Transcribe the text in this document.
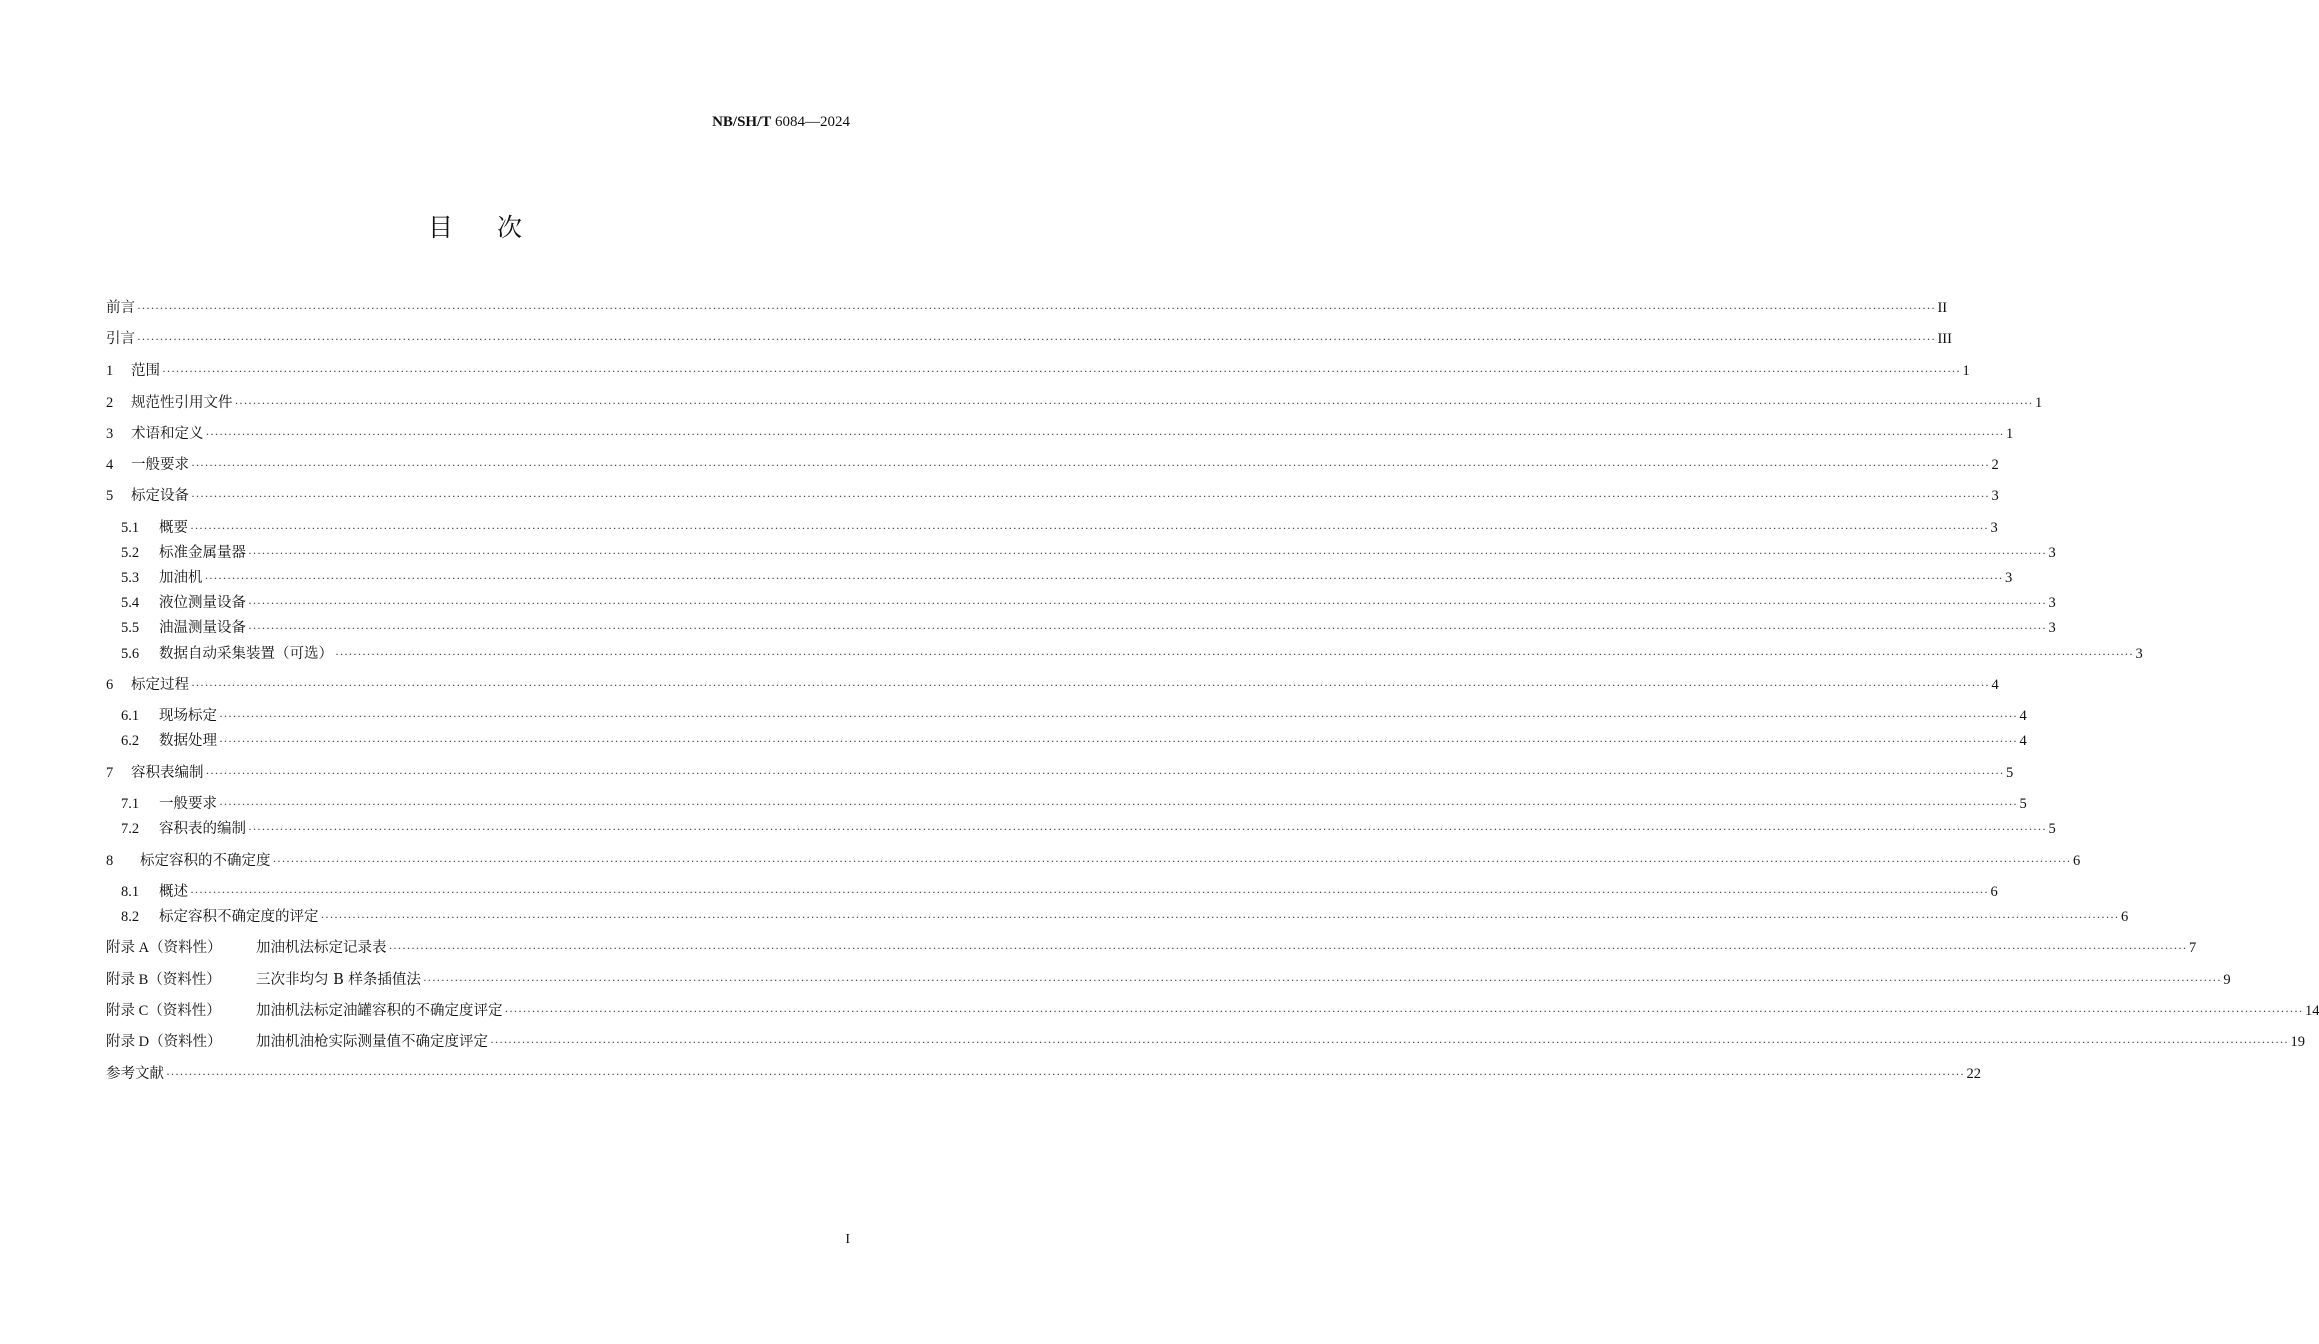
NB/SH/T 6084—2024
目次
前言 ················································································································································································································································································································································································································ II
引言 ················································································································································································································································································································································································································ III
1	范围 ················································································································································································································································································································································································································ 1
2	规范性引用文件 ················································································································································································································································································································································································································ 1
3	术语和定义 ················································································································································································································································································································································································································ 1
4	一般要求 ················································································································································································································································································································································································································ 2
5	标定设备 ················································································································································································································································································································································································································ 3
5.1	概要 ················································································································································································································································································································································································································ 3
5.2	标准金属量器 ················································································································································································································································································································································································································ 3
5.3	加油机 ················································································································································································································································································································································································································ 3
5.4	液位测量设备 ················································································································································································································································································································································································································ 3
5.5	油温测量设备 ················································································································································································································································································································································································································ 3
5.6	数据自动采集装置（可选） ················································································································································································································································································································································································································ 3
6	标定过程 ················································································································································································································································································································································································································ 4
6.1	现场标定 ················································································································································································································································································································································································································ 4
6.2	数据处理 ················································································································································································································································································································································································································ 4
7	容积表编制 ················································································································································································································································································································································································································ 5
7.1	一般要求 ················································································································································································································································································································································································································ 5
7.2	容积表的编制 ················································································································································································································································································································································································································ 5
8	标定容积的不确定度 ················································································································································································································································································································································································································ 6
8.1	概述 ················································································································································································································································································································································································································ 6
8.2	标定容积不确定度的评定 ················································································································································································································································································································································································································ 6
附录 A（资料性）	加油机法标定记录表 ················································································································································································································································································································································································································ 7
附录 B（资料性）	三次非均匀 B 样条插值法 ················································································································································································································································································································································································································ 9
附录 C（资料性）	加油机法标定油罐容积的不确定度评定 ················································································································································································································································································································································································································ 14
附录 D（资料性）	加油机油枪实际测量值不确定度评定 ················································································································································································································································································································································································································ 19
参考文献 ················································································································································································································································································································································································································ 22
I
